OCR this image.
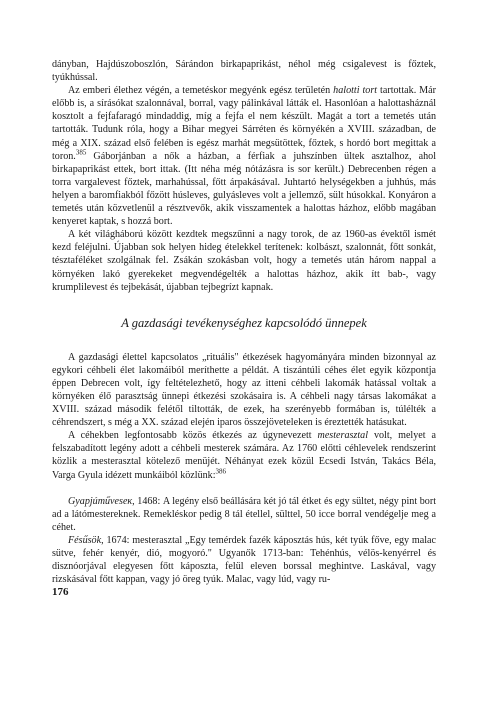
dányban, Hajdúszoboszlón, Sárándon birkapaprikást, néhol még csigalevest is főztek, tyúkhússal.

Az emberi élethez végén, a temetéskor megyénk egész területén halotti tort tartottak. Már előbb is, a sírásókat szalonnával, borral, vagy pálinkával látták el. Hasonlóan a halottasháznál kosztolt a fejfafaragó mindaddig, míg a fejfa el nem készült. Magát a tort a temetés után tartották. Tudunk róla, hogy a Bihar megyei Sárréten és környékén a XVIII. században, de még a XIX. század első felében is egész marhát megsütöttek, főztek, s hordó bort megittak a toron.$^{385}$ Gáborjánban a nők a házban, a férfiak a juhszínben ültek asztalhoz, ahol birkapaprikást ettek, bort ittak. (Itt néha még nótázásra is sor került.) Debrecenben régen a torra vargalevest főztek, marhahússal, főtt árpakásával. Juhtartó helységekben a juhhús, más helyen a baromfiakból főzött húsleves, gulyásleves volt a jellemző, sült húsokkal. Konyáron a temetés után közvetlenül a résztvevők, akik visszamentek a halottas házhoz, előbb magában kenyeret kaptak, s hozzá bort.

A két világháború között kezdtek megszűnni a nagy torok, de az 1960-as évektől ismét kezd feléjulni. Újabban sok helyen hideg ételekkel terítenek: kolbászt, szalonnát, főtt sonkát, tésztaféléket szolgálnak fel. Zsákán szokásban volt, hogy a temetés után három nappal a környéken lakó gyerekeket megvendégelték a halottas házhoz, akik ítt bab-, vagy krumplilevest és tejbekását, újabban tejbegrízt kapnak.

A gazdasági tevékenységhez kapcsolódó ünnepek

A gazdasági élettel kapcsolatos „rituális" étkezések hagyományára minden bizonnyal az egykori céhbeli élet lakomáiból meríthette a példát. A tiszántúli céhes élet egyik központja éppen Debrecen volt, így feltételezhető, hogy az itteni céhbeli lakomák hatással voltak a környéken élő parasztság ünnepi étkezési szokásaira is. A céhbeli nagy társas lakomákat a XVIII. század második felétől tiltották, de ezek, ha szerényebb formában is, túlélték a céhrendszert, s még a XX. század elején iparos összejöveteleken is éreztették hatásukat.

A céhekben legfontosabb közös étkezés az úgynevezett mesterasztal volt, melyet a felszabadított legény adott a céhbeli mesterek számára. Az 1760 előtti céhlevelek rendszerint közlik a mesterasztal kötelező menüjét. Néhányat ezek közül Ecsedi István, Takács Béla, Varga Gyula idézett munkáiból közlünk:$^{386}$

Gyapjúműveseк, 1468: A legény első beállására két jó tál étket és egy sültet, négy pint bort ad a látómestereknek. Remekléskor pedig 8 tál étellel, sülttel, 50 icce borral vendégelje meg a céhet.

Fésűsök, 1674: mesterasztal „Egy temérdek fazék káposztás hús, két tyúk főve, egy malac sütve, fehér kenyér, dió, mogyoró." Ugyanők 1713-ban: Tehénhús, vélös-kenyérrel és disznóorjával elegyesen főtt káposzta, felül eleven borssal meghintve. Laskával, vagy rizskásával főtt kappan, vagy jó öreg tyúk. Malac, vagy lúd, vagy ru-

176
